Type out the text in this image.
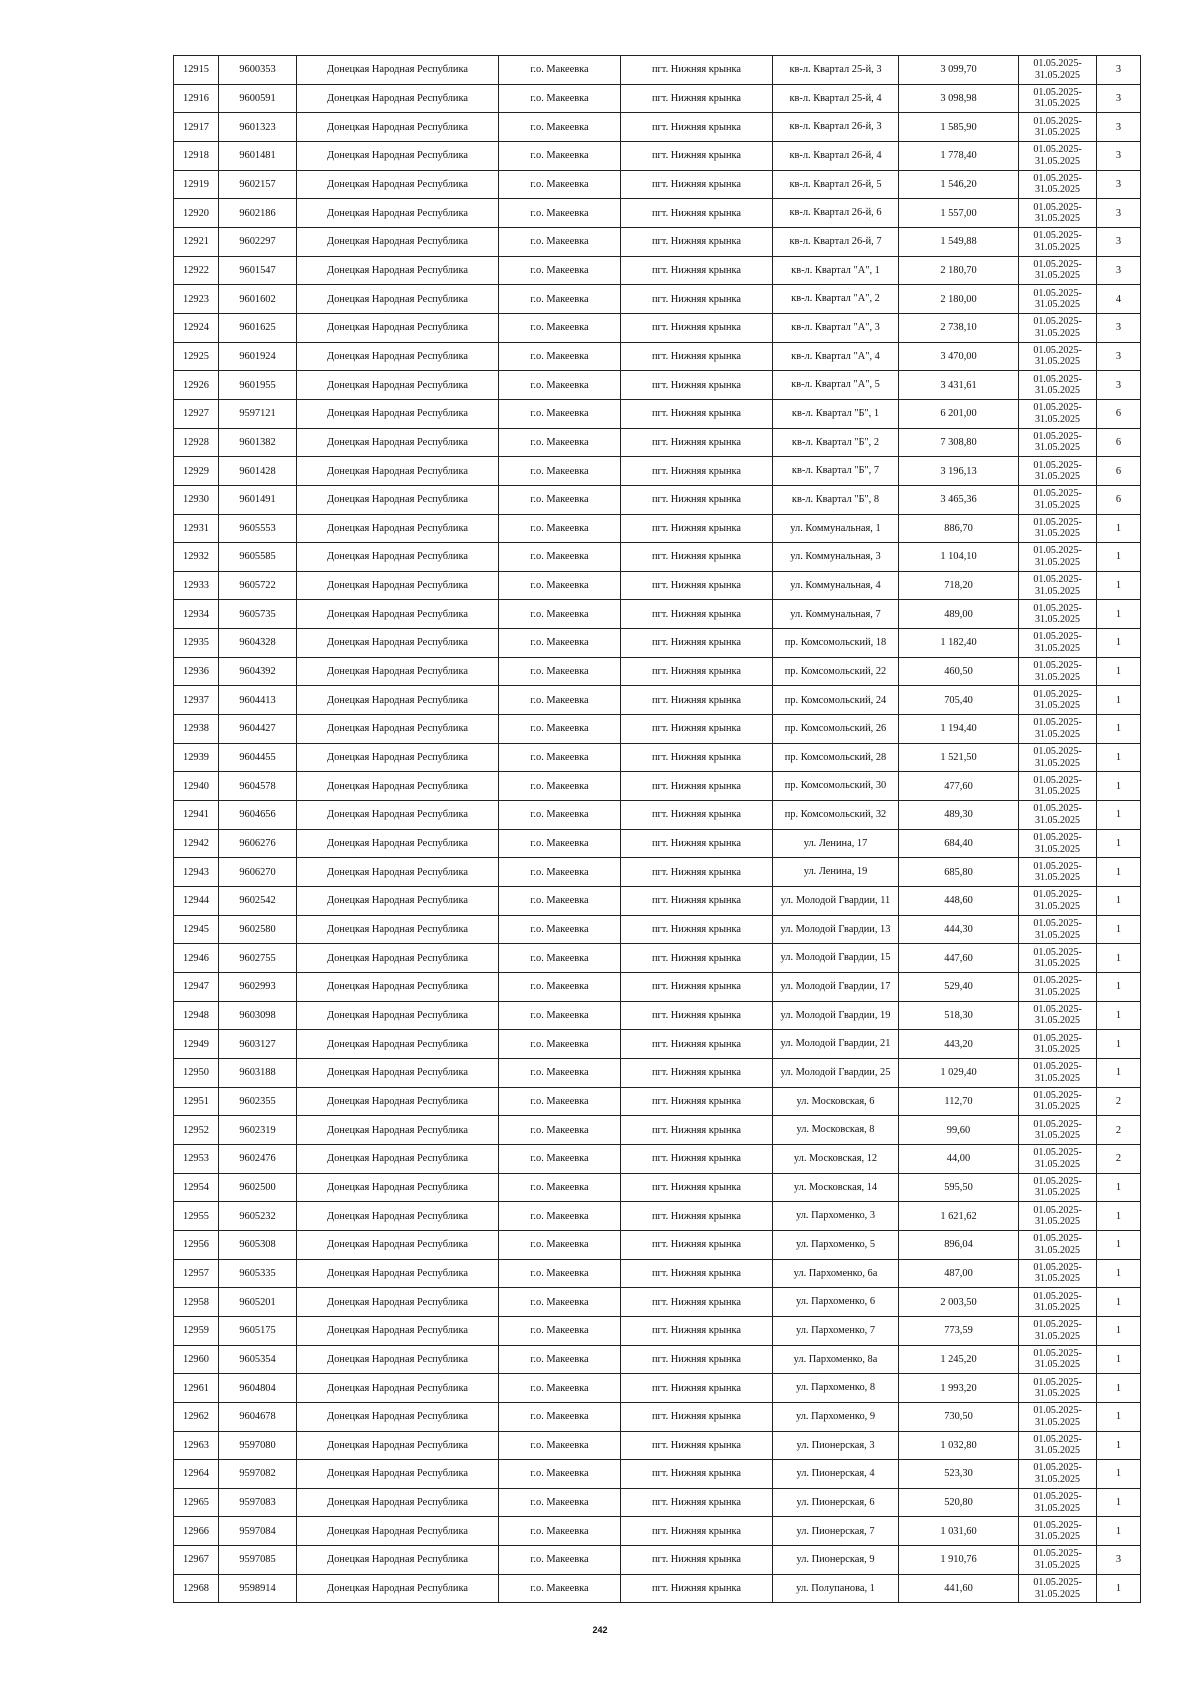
12915	9600353	Донецкая Народная Республика	г.о. Макеевка	пгт. Нижняя крынка	кв-л. Квартал 25-й, 3	3 099,70	01.05.2025- 31.05.2025	3
12916	9600591	Донецкая Народная Республика	г.о. Макеевка	пгт. Нижняя крынка	кв-л. Квартал 25-й, 4	3 098,98	01.05.2025- 31.05.2025	3
12917	9601323	Донецкая Народная Республика	г.о. Макеевка	пгт. Нижняя крынка	кв-л. Квартал 26-й, 3	1 585,90	01.05.2025- 31.05.2025	3
12918	9601481	Донецкая Народная Республика	г.о. Макеевка	пгт. Нижняя крынка	кв-л. Квартал 26-й, 4	1 778,40	01.05.2025- 31.05.2025	3
12919	9602157	Донецкая Народная Республика	г.о. Макеевка	пгт. Нижняя крынка	кв-л. Квартал 26-й, 5	1 546,20	01.05.2025- 31.05.2025	3
12920	9602186	Донецкая Народная Республика	г.о. Макеевка	пгт. Нижняя крынка	кв-л. Квартал 26-й, 6	1 557,00	01.05.2025- 31.05.2025	3
12921	9602297	Донецкая Народная Республика	г.о. Макеевка	пгт. Нижняя крынка	кв-л. Квартал 26-й, 7	1 549,88	01.05.2025- 31.05.2025	3
12922	9601547	Донецкая Народная Республика	г.о. Макеевка	пгт. Нижняя крынка	кв-л. Квартал "А", 1	2 180,70	01.05.2025- 31.05.2025	3
12923	9601602	Донецкая Народная Республика	г.о. Макеевка	пгт. Нижняя крынка	кв-л. Квартал "А", 2	2 180,00	01.05.2025- 31.05.2025	4
12924	9601625	Донецкая Народная Республика	г.о. Макеевка	пгт. Нижняя крынка	кв-л. Квартал "А", 3	2 738,10	01.05.2025- 31.05.2025	3
12925	9601924	Донецкая Народная Республика	г.о. Макеевка	пгт. Нижняя крынка	кв-л. Квартал "А", 4	3 470,00	01.05.2025- 31.05.2025	3
12926	9601955	Донецкая Народная Республика	г.о. Макеевка	пгт. Нижняя крынка	кв-л. Квартал "А", 5	3 431,61	01.05.2025- 31.05.2025	3
12927	9597121	Донецкая Народная Республика	г.о. Макеевка	пгт. Нижняя крынка	кв-л. Квартал "Б", 1	6 201,00	01.05.2025- 31.05.2025	6
12928	9601382	Донецкая Народная Республика	г.о. Макеевка	пгт. Нижняя крынка	кв-л. Квартал "Б", 2	7 308,80	01.05.2025- 31.05.2025	6
12929	9601428	Донецкая Народная Республика	г.о. Макеевка	пгт. Нижняя крынка	кв-л. Квартал "Б", 7	3 196,13	01.05.2025- 31.05.2025	6
12930	9601491	Донецкая Народная Республика	г.о. Макеевка	пгт. Нижняя крынка	кв-л. Квартал "Б", 8	3 465,36	01.05.2025- 31.05.2025	6
12931	9605553	Донецкая Народная Республика	г.о. Макеевка	пгт. Нижняя крынка	ул. Коммунальная, 1	886,70	01.05.2025- 31.05.2025	1
12932	9605585	Донецкая Народная Республика	г.о. Макеевка	пгт. Нижняя крынка	ул. Коммунальная, 3	1 104,10	01.05.2025- 31.05.2025	1
12933	9605722	Донецкая Народная Республика	г.о. Макеевка	пгт. Нижняя крынка	ул. Коммунальная, 4	718,20	01.05.2025- 31.05.2025	1
12934	9605735	Донецкая Народная Республика	г.о. Макеевка	пгт. Нижняя крынка	ул. Коммунальная, 7	489,00	01.05.2025- 31.05.2025	1
12935	9604328	Донецкая Народная Республика	г.о. Макеевка	пгт. Нижняя крынка	пр. Комсомольский, 18	1 182,40	01.05.2025- 31.05.2025	1
12936	9604392	Донецкая Народная Республика	г.о. Макеевка	пгт. Нижняя крынка	пр. Комсомольский, 22	460,50	01.05.2025- 31.05.2025	1
12937	9604413	Донецкая Народная Республика	г.о. Макеевка	пгт. Нижняя крынка	пр. Комсомольский, 24	705,40	01.05.2025- 31.05.2025	1
12938	9604427	Донецкая Народная Республика	г.о. Макеевка	пгт. Нижняя крынка	пр. Комсомольский, 26	1 194,40	01.05.2025- 31.05.2025	1
12939	9604455	Донецкая Народная Республика	г.о. Макеевка	пгт. Нижняя крынка	пр. Комсомольский, 28	1 521,50	01.05.2025- 31.05.2025	1
12940	9604578	Донецкая Народная Республика	г.о. Макеевка	пгт. Нижняя крынка	пр. Комсомольский, 30	477,60	01.05.2025- 31.05.2025	1
12941	9604656	Донецкая Народная Республика	г.о. Макеевка	пгт. Нижняя крынка	пр. Комсомольский, 32	489,30	01.05.2025- 31.05.2025	1
12942	9606276	Донецкая Народная Республика	г.о. Макеевка	пгт. Нижняя крынка	ул. Ленина, 17	684,40	01.05.2025- 31.05.2025	1
12943	9606270	Донецкая Народная Республика	г.о. Макеевка	пгт. Нижняя крынка	ул. Ленина, 19	685,80	01.05.2025- 31.05.2025	1
12944	9602542	Донецкая Народная Республика	г.о. Макеевка	пгт. Нижняя крынка	ул. Молодой Гвардии, 11	448,60	01.05.2025- 31.05.2025	1
12945	9602580	Донецкая Народная Республика	г.о. Макеевка	пгт. Нижняя крынка	ул. Молодой Гвардии, 13	444,30	01.05.2025- 31.05.2025	1
12946	9602755	Донецкая Народная Республика	г.о. Макеевка	пгт. Нижняя крынка	ул. Молодой Гвардии, 15	447,60	01.05.2025- 31.05.2025	1
12947	9602993	Донецкая Народная Республика	г.о. Макеевка	пгт. Нижняя крынка	ул. Молодой Гвардии, 17	529,40	01.05.2025- 31.05.2025	1
12948	9603098	Донецкая Народная Республика	г.о. Макеевка	пгт. Нижняя крынка	ул. Молодой Гвардии, 19	518,30	01.05.2025- 31.05.2025	1
12949	9603127	Донецкая Народная Республика	г.о. Макеевка	пгт. Нижняя крынка	ул. Молодой Гвардии, 21	443,20	01.05.2025- 31.05.2025	1
12950	9603188	Донецкая Народная Республика	г.о. Макеевка	пгт. Нижняя крынка	ул. Молодой Гвардии, 25	1 029,40	01.05.2025- 31.05.2025	1
12951	9602355	Донецкая Народная Республика	г.о. Макеевка	пгт. Нижняя крынка	ул. Московская, 6	112,70	01.05.2025- 31.05.2025	2
12952	9602319	Донецкая Народная Республика	г.о. Макеевка	пгт. Нижняя крынка	ул. Московская, 8	99,60	01.05.2025- 31.05.2025	2
12953	9602476	Донецкая Народная Республика	г.о. Макеевка	пгт. Нижняя крынка	ул. Московская, 12	44,00	01.05.2025- 31.05.2025	2
12954	9602500	Донецкая Народная Республика	г.о. Макеевка	пгт. Нижняя крынка	ул. Московская, 14	595,50	01.05.2025- 31.05.2025	1
12955	9605232	Донецкая Народная Республика	г.о. Макеевка	пгт. Нижняя крынка	ул. Пархоменко, 3	1 621,62	01.05.2025- 31.05.2025	1
12956	9605308	Донецкая Народная Республика	г.о. Макеевка	пгт. Нижняя крынка	ул. Пархоменко, 5	896,04	01.05.2025- 31.05.2025	1
12957	9605335	Донецкая Народная Республика	г.о. Макеевка	пгт. Нижняя крынка	ул. Пархоменко, 6а	487,00	01.05.2025- 31.05.2025	1
12958	9605201	Донецкая Народная Республика	г.о. Макеевка	пгт. Нижняя крынка	ул. Пархоменко, 6	2 003,50	01.05.2025- 31.05.2025	1
12959	9605175	Донецкая Народная Республика	г.о. Макеевка	пгт. Нижняя крынка	ул. Пархоменко, 7	773,59	01.05.2025- 31.05.2025	1
12960	9605354	Донецкая Народная Республика	г.о. Макеевка	пгт. Нижняя крынка	ул. Пархоменко, 8а	1 245,20	01.05.2025- 31.05.2025	1
12961	9604804	Донецкая Народная Республика	г.о. Макеевка	пгт. Нижняя крынка	ул. Пархоменко, 8	1 993,20	01.05.2025- 31.05.2025	1
12962	9604678	Донецкая Народная Республика	г.о. Макеевка	пгт. Нижняя крынка	ул. Пархоменко, 9	730,50	01.05.2025- 31.05.2025	1
12963	9597080	Донецкая Народная Республика	г.о. Макеевка	пгт. Нижняя крынка	ул. Пионерская, 3	1 032,80	01.05.2025- 31.05.2025	1
12964	9597082	Донецкая Народная Республика	г.о. Макеевка	пгт. Нижняя крынка	ул. Пионерская, 4	523,30	01.05.2025- 31.05.2025	1
12965	9597083	Донецкая Народная Республика	г.о. Макеевка	пгт. Нижняя крынка	ул. Пионерская, 6	520,80	01.05.2025- 31.05.2025	1
12966	9597084	Донецкая Народная Республика	г.о. Макеевка	пгт. Нижняя крынка	ул. Пионерская, 7	1 031,60	01.05.2025- 31.05.2025	1
12967	9597085	Донецкая Народная Республика	г.о. Макеевка	пгт. Нижняя крынка	ул. Пионерская, 9	1 910,76	01.05.2025- 31.05.2025	3
12968	9598914	Донецкая Народная Республика	г.о. Макеевка	пгт. Нижняя крынка	ул. Полупанова, 1	441,60	01.05.2025- 31.05.2025	1
242
